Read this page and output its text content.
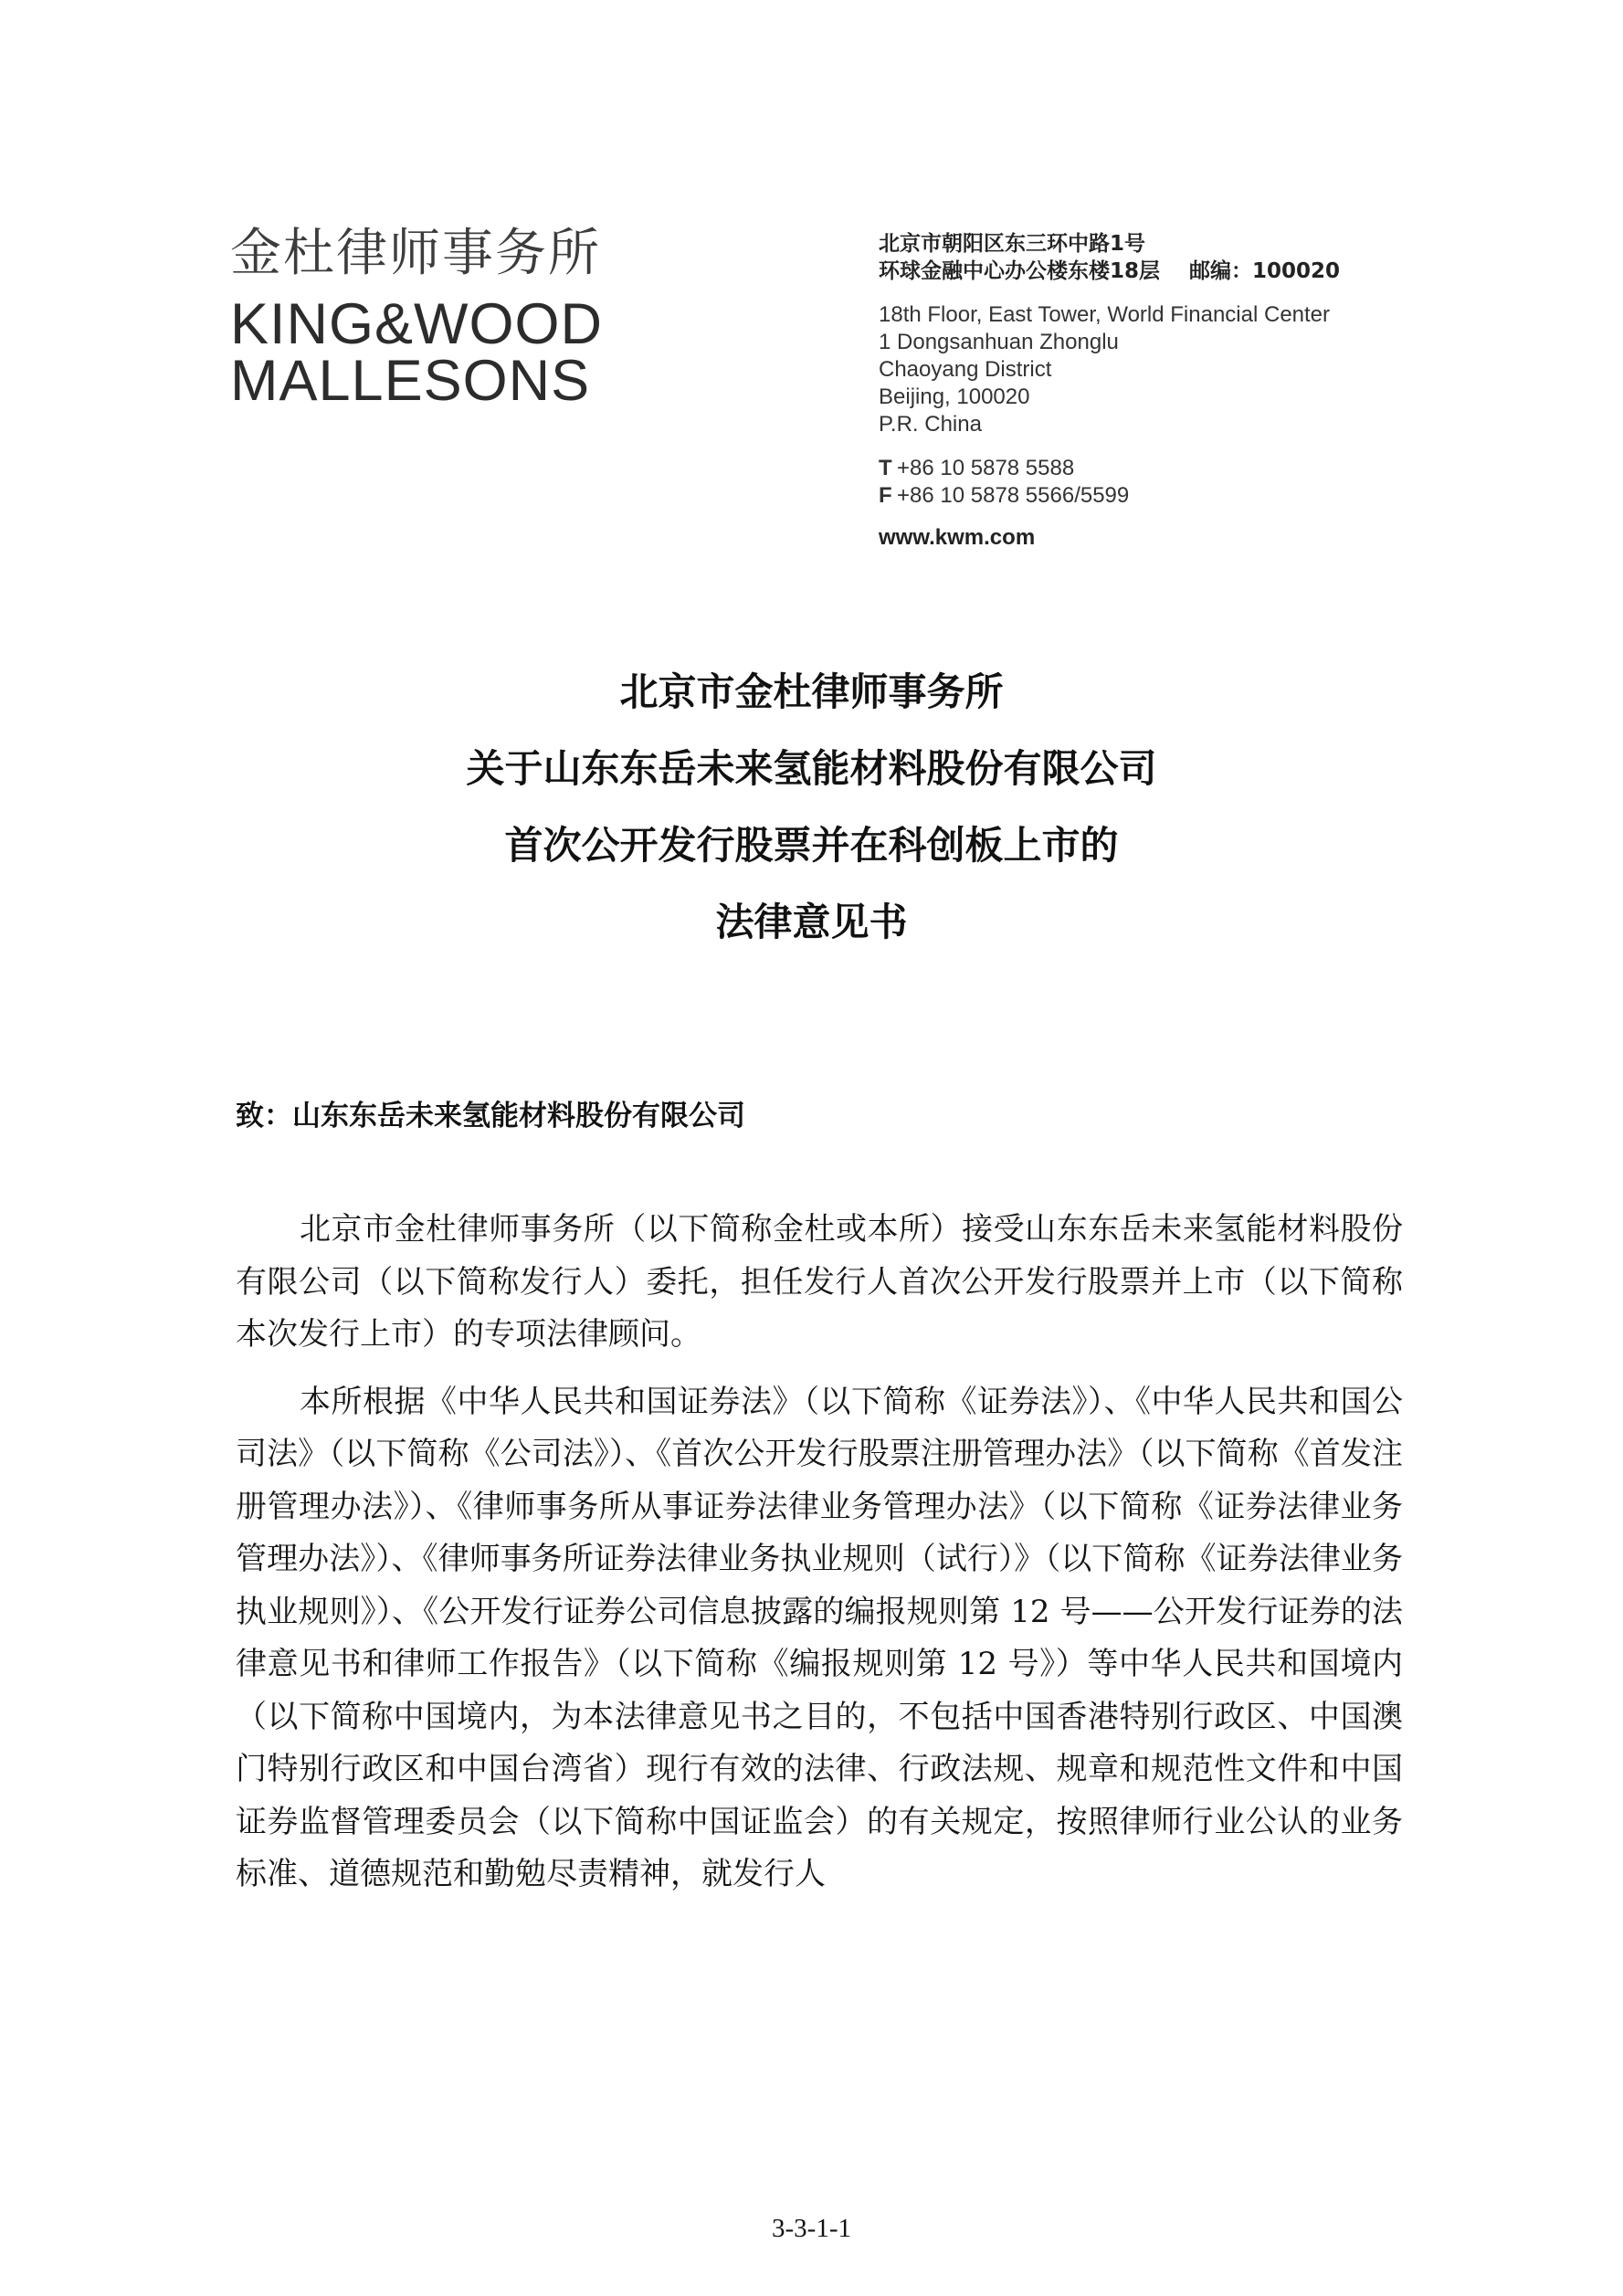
金杜律师事务所
KING&WOOD
MALLESONS
北京市朝阳区东三环中路1号
环球金融中心办公楼东楼18层    邮编：100020
18th Floor, East Tower, World Financial Center
1 Dongsanhuan Zhonglu
Chaoyang District
Beijing, 100020
P.R. China
T +86 10 5878 5588
F +86 10 5878 5566/5599
www.kwm.com
北京市金杜律师事务所
关于山东东岳未来氢能材料股份有限公司
首次公开发行股票并在科创板上市的
法律意见书
致：山东东岳未来氢能材料股份有限公司

北京市金杜律师事务所（以下简称金杜或本所）接受山东东岳未来氢能材料股份有限公司（以下简称发行人）委托，担任发行人首次公开发行股票并上市（以下简称本次发行上市）的专项法律顾问。

本所根据《中华人民共和国证券法》（以下简称《证券法》）、《中华人民共和国公司法》（以下简称《公司法》）、《首次公开发行股票注册管理办法》（以下简称《首发注册管理办法》）、《律师事务所从事证券法律业务管理办法》（以下简称《证券法律业务管理办法》）、《律师事务所证券法律业务执业规则（试行）》（以下简称《证券法律业务执业规则》）、《公开发行证券公司信息披露的编报规则第 12 号——公开发行证券的法律意见书和律师工作报告》（以下简称《编报规则第 12 号》）等中华人民共和国境内（以下简称中国境内，为本法律意见书之目的，不包括中国香港特别行政区、中国澳门特别行政区和中国台湾省）现行有效的法律、行政法规、规章和规范性文件和中国证券监督管理委员会（以下简称中国证监会）的有关规定，按照律师行业公认的业务标准、道德规范和勤勉尽责精神，就发行人

3-3-1-1
